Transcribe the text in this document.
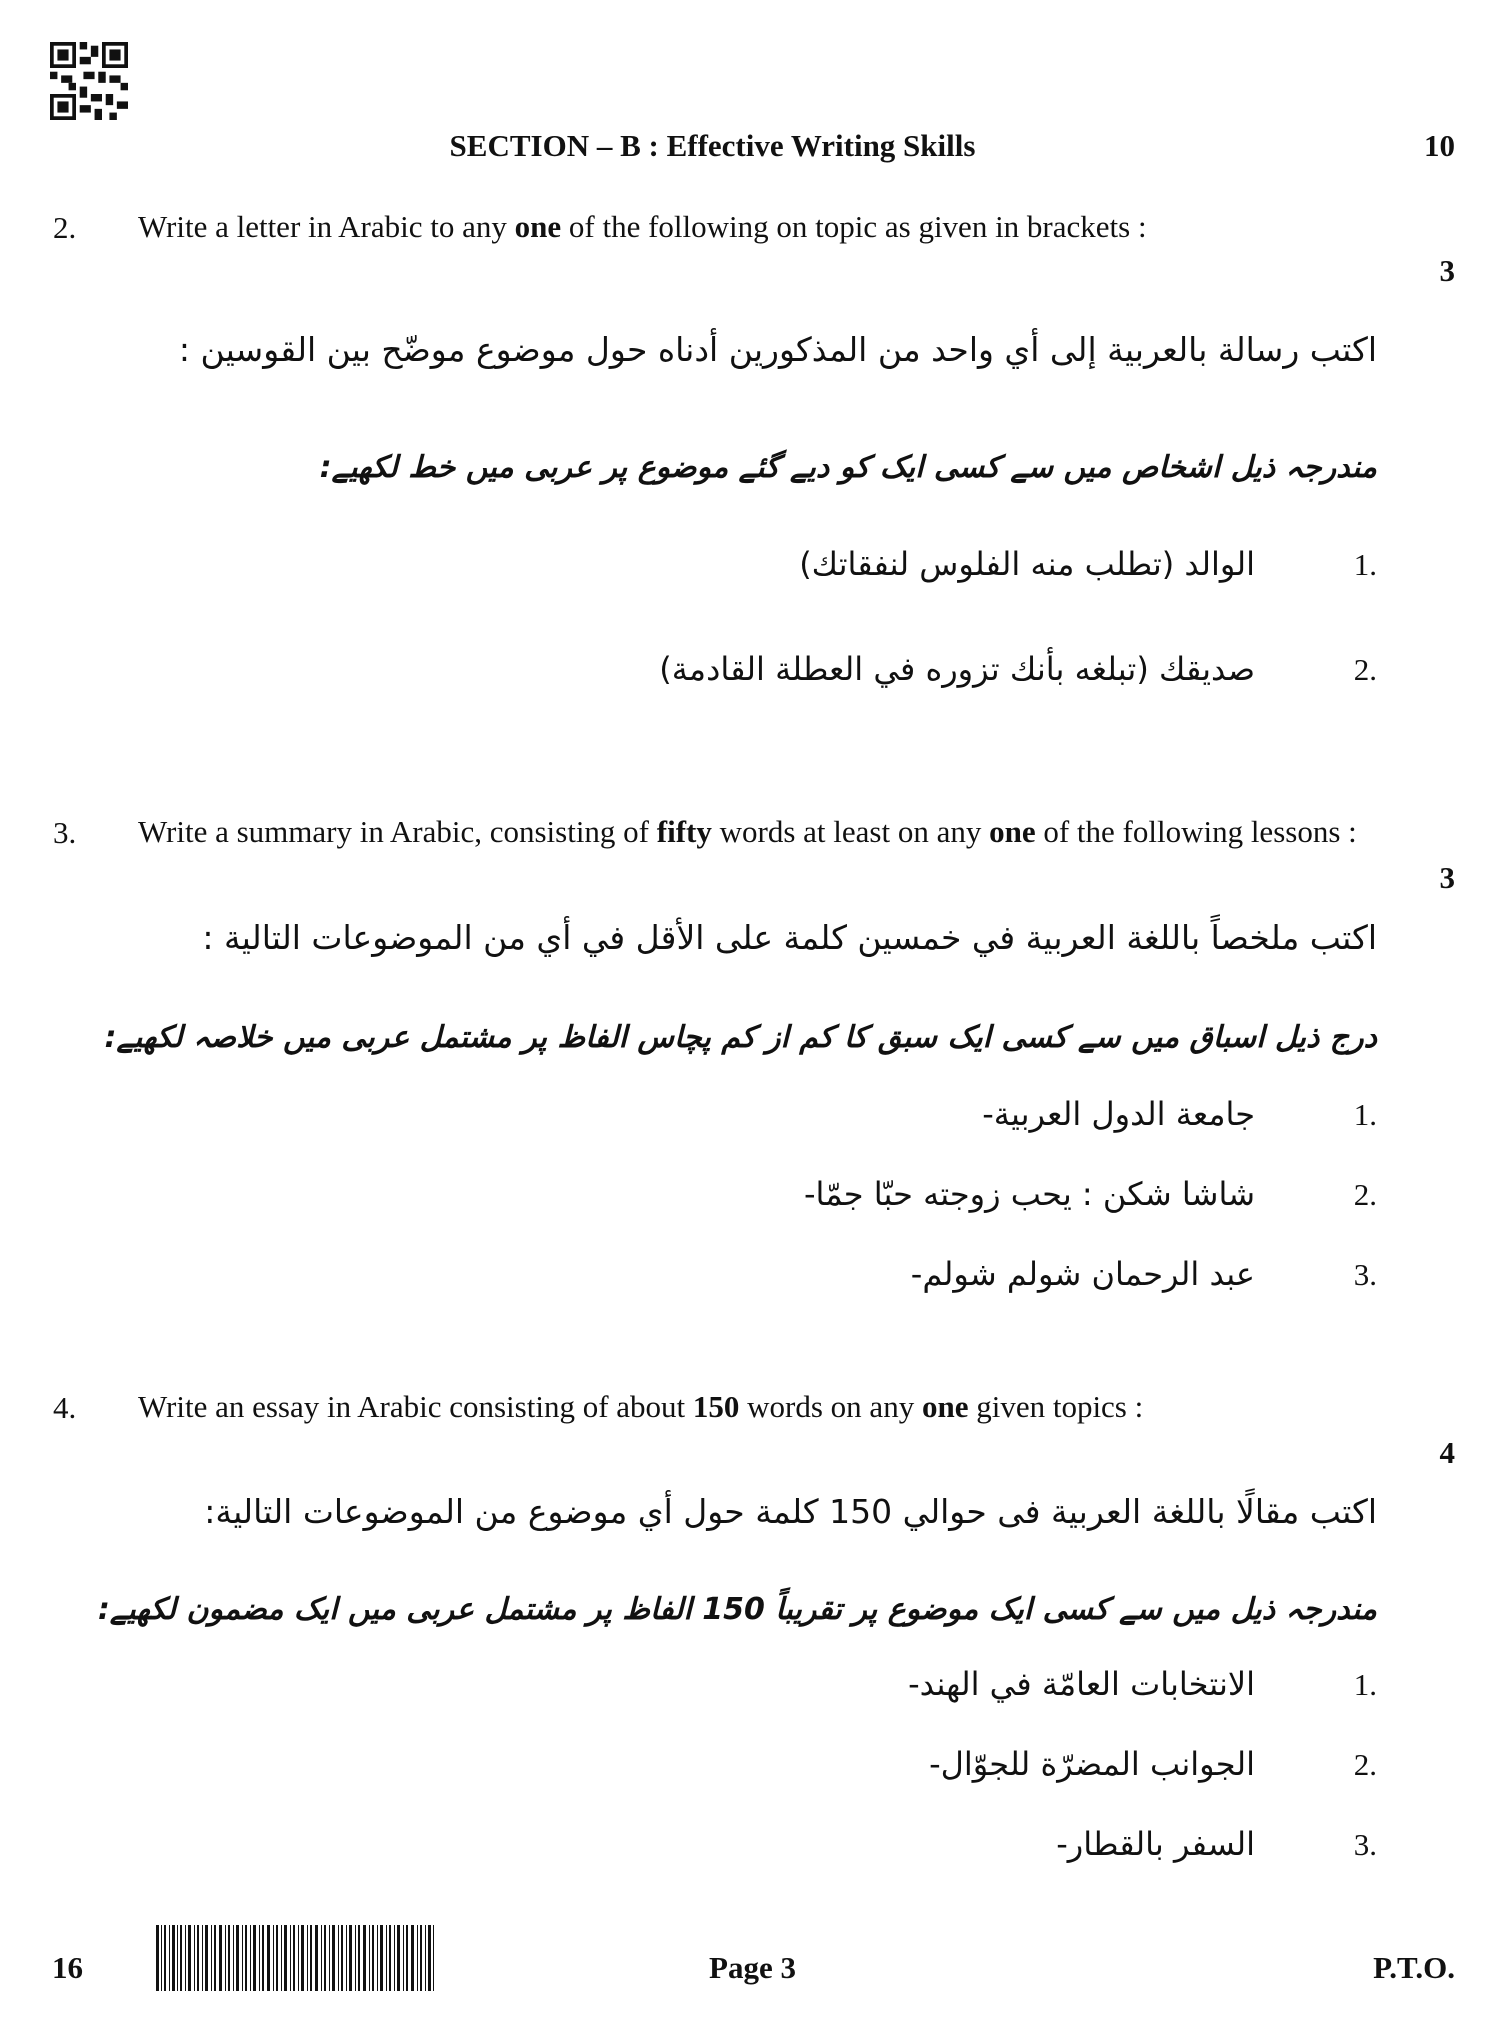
SECTION – B : Effective Writing Skills	10
2. Write a letter in Arabic to any one of the following on topic as given in brackets :
3
اكتب رسالة بالعربية إلى أي واحد من المذكورين أدناه حول موضوع موضّح بين القوسين :
مندرجہ ذیل اشخاص میں سے کسی ایک کو دیے گئے موضوع پر عربی میں خط لکھیے:
.1الوالد (تطلب منه الفلوس لنفقاتك)
.2صديقك (تبلغه بأنك تزوره في العطلة القادمة)
3. Write a summary in Arabic, consisting of fifty words at least on any one of the following lessons :
3
اكتب ملخصاً باللغة العربية في خمسين كلمة على الأقل في أي من الموضوعات التالية :
درج ذیل اسباق میں سے کسی ایک سبق کا کم از کم پچاس الفاظ پر مشتمل عربی میں خلاصہ لکھیے:
.1جامعة الدول العربية-
.2شاشا شكن : يحب زوجته حبّا جمّا-
.3عبد الرحمان شولم شولم-
4. Write an essay in Arabic consisting of about 150 words on any one given topics :
4
اكتب مقالًا باللغة العربية فى حوالي 150 كلمة حول أي موضوع من الموضوعات التالية:
مندرجہ ذیل میں سے کسی ایک موضوع پر تقریباً 150 الفاظ پر مشتمل عربی میں ایک مضمون لکھیے:
.1الانتخابات العامّة في الهند-
.2الجوانب المضرّة للجوّال-
.3السفر بالقطار-
16	Page 3	P.T.O.
